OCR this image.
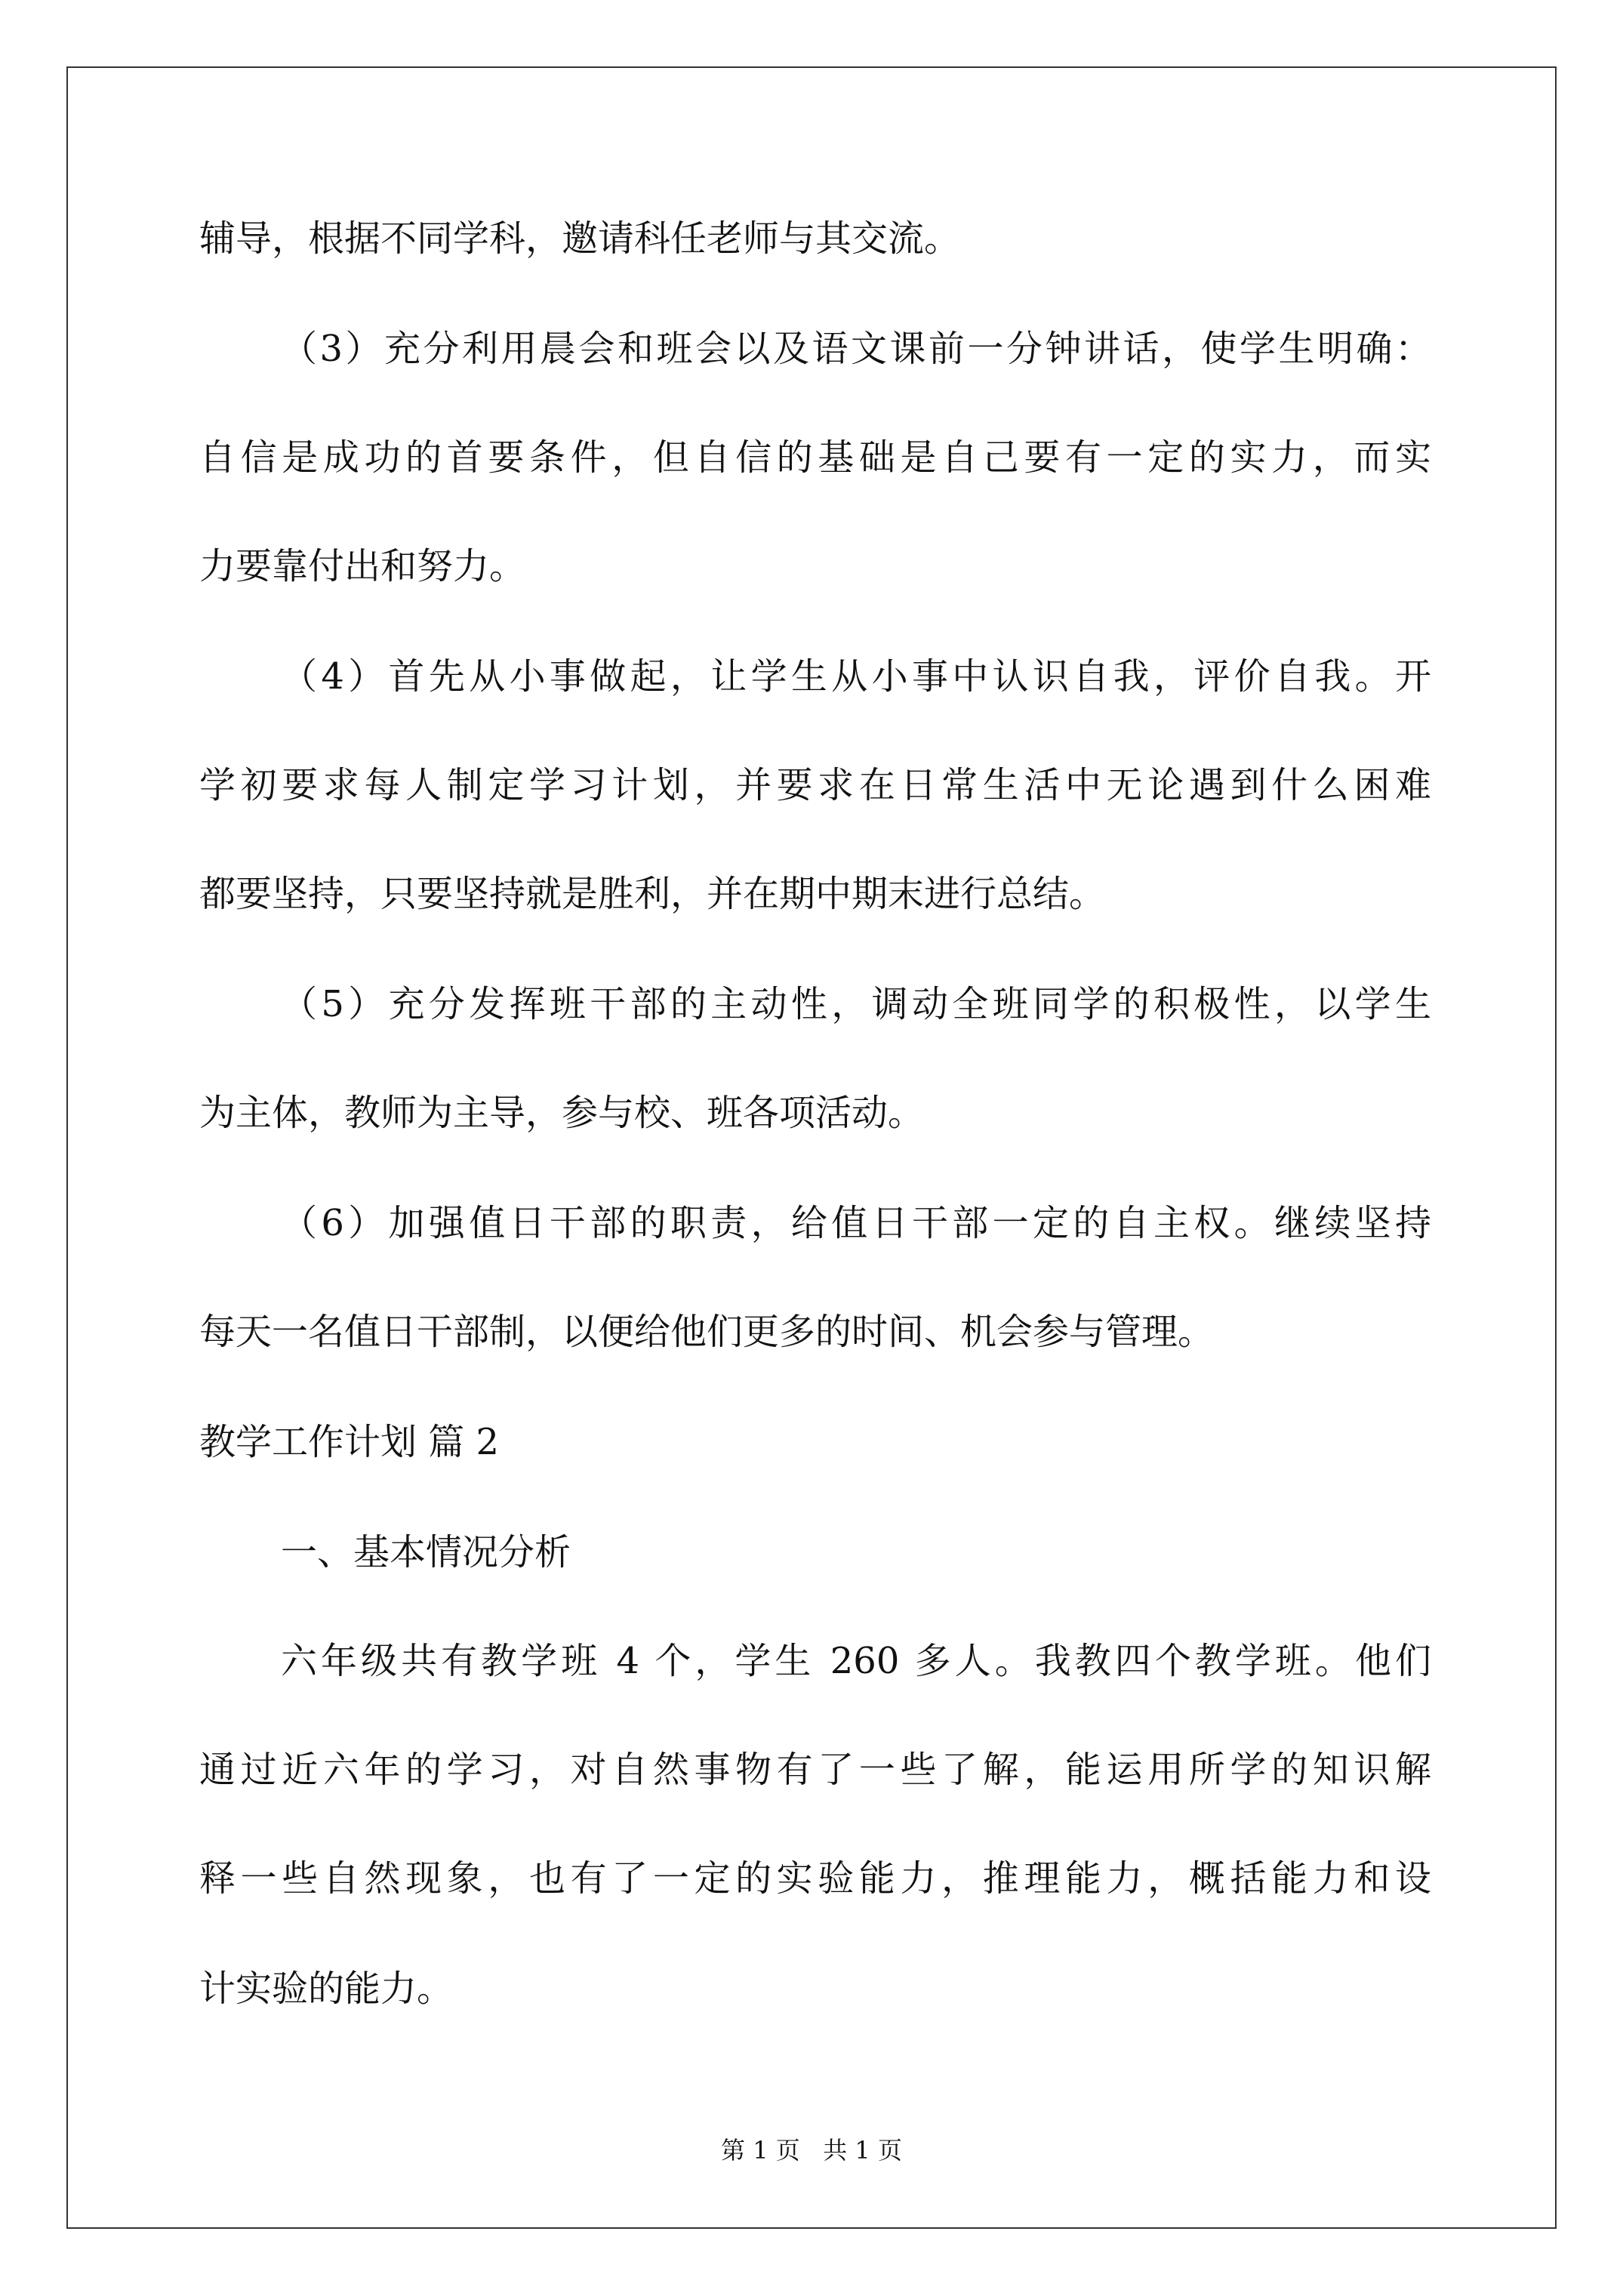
辅导，根据不同学科，邀请科任老师与其交流。
（3）充分利用晨会和班会以及语文课前一分钟讲话，使学生明确：
自信是成功的首要条件，但自信的基础是自己要有一定的实力，而实
力要靠付出和努力。
（4）首先从小事做起，让学生从小事中认识自我，评价自我。开
学初要求每人制定学习计划，并要求在日常生活中无论遇到什么困难
都要坚持，只要坚持就是胜利，并在期中期末进行总结。
（5）充分发挥班干部的主动性，调动全班同学的积极性，以学生
为主体，教师为主导，参与校、班各项活动。
（6）加强值日干部的职责，给值日干部一定的自主权。继续坚持
每天一名值日干部制，以便给他们更多的时间、机会参与管理。
教学工作计划 篇 2
一、基本情况分析
六年级共有教学班 4 个，学生 260 多人。我教四个教学班。他们
通过近六年的学习，对自然事物有了一些了解，能运用所学的知识解
释一些自然现象，也有了一定的实验能力，推理能力，概括能力和设
计实验的能力。
第 1 页   共 1 页
